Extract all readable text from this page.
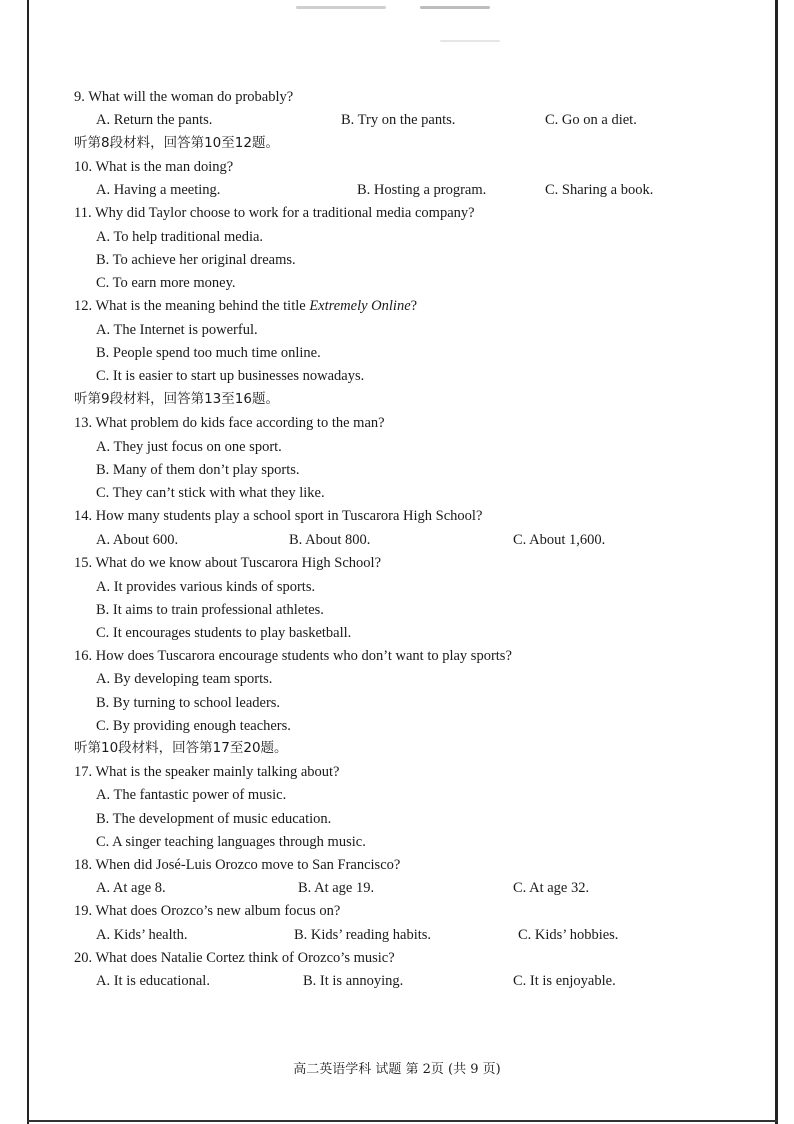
9. What will the woman do probably?
A. Return the pants.	B. Try on the pants.	C. Go on a diet.
听第8段材料，回答第10至12题。
10. What is the man doing?
A. Having a meeting.	B. Hosting a program.	C. Sharing a book.
11. Why did Taylor choose to work for a traditional media company?
A. To help traditional media.
B. To achieve her original dreams.
C. To earn more money.
12. What is the meaning behind the title Extremely Online?
A. The Internet is powerful.
B. People spend too much time online.
C. It is easier to start up businesses nowadays.
听第9段材料，回答第13至16题。
13. What problem do kids face according to the man?
A. They just focus on one sport.
B. Many of them don’t play sports.
C. They can’t stick with what they like.
14. How many students play a school sport in Tuscarora High School?
A. About 600.	B. About 800.	C. About 1,600.
15. What do we know about Tuscarora High School?
A. It provides various kinds of sports.
B. It aims to train professional athletes.
C. It encourages students to play basketball.
16. How does Tuscarora encourage students who don’t want to play sports?
A. By developing team sports.
B. By turning to school leaders.
C. By providing enough teachers.
听第10段材料，回答第17至20题。
17. What is the speaker mainly talking about?
A. The fantastic power of music.
B. The development of music education.
C. A singer teaching languages through music.
18. When did José-Luis Orozco move to San Francisco?
A. At age 8.	B. At age 19.	C. At age 32.
19. What does Orozco’s new album focus on?
A. Kids’ health.	B. Kids’ reading habits.	C. Kids’ hobbies.
20. What does Natalie Cortez think of Orozco’s music?
A. It is educational.	B. It is annoying.	C. It is enjoyable.
高二英语学科 试题 第 2页 (共 9 页)
